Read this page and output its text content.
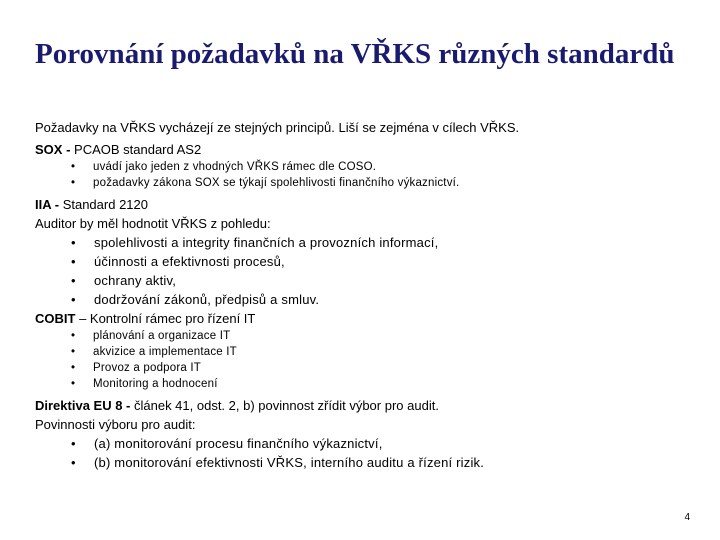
Porovnání požadavků na VŘKS různých standardů
Požadavky na VŘKS vycházejí ze stejných principů. Liší se zejména v cílech VŘKS.
SOX - PCAOB standard AS2
• uvádí jako jeden z vhodných VŘKS rámec dle COSO.
• požadavky zákona SOX se týkají spolehlivosti finančního výkaznictví.
IIA - Standard 2120
Auditor by měl hodnotit VŘKS z pohledu:
• spolehlivosti a integrity finančních a provozních informací,
• účinnosti a efektivnosti procesů,
• ochrany aktiv,
• dodržování zákonů, předpisů a smluv.
COBIT – Kontrolní rámec pro řízení IT
• plánování a organizace IT
• akvizice a implementace IT
• Provoz a podpora IT
• Monitoring a hodnocení
Direktiva EU 8 - článek 41, odst. 2, b) povinnost zřídit výbor pro audit.
Povinnosti výboru pro audit:
• (a) monitorování procesu finančního výkaznictví,
• (b) monitorování efektivnosti VŘKS, interního auditu a řízení rizik.
4
